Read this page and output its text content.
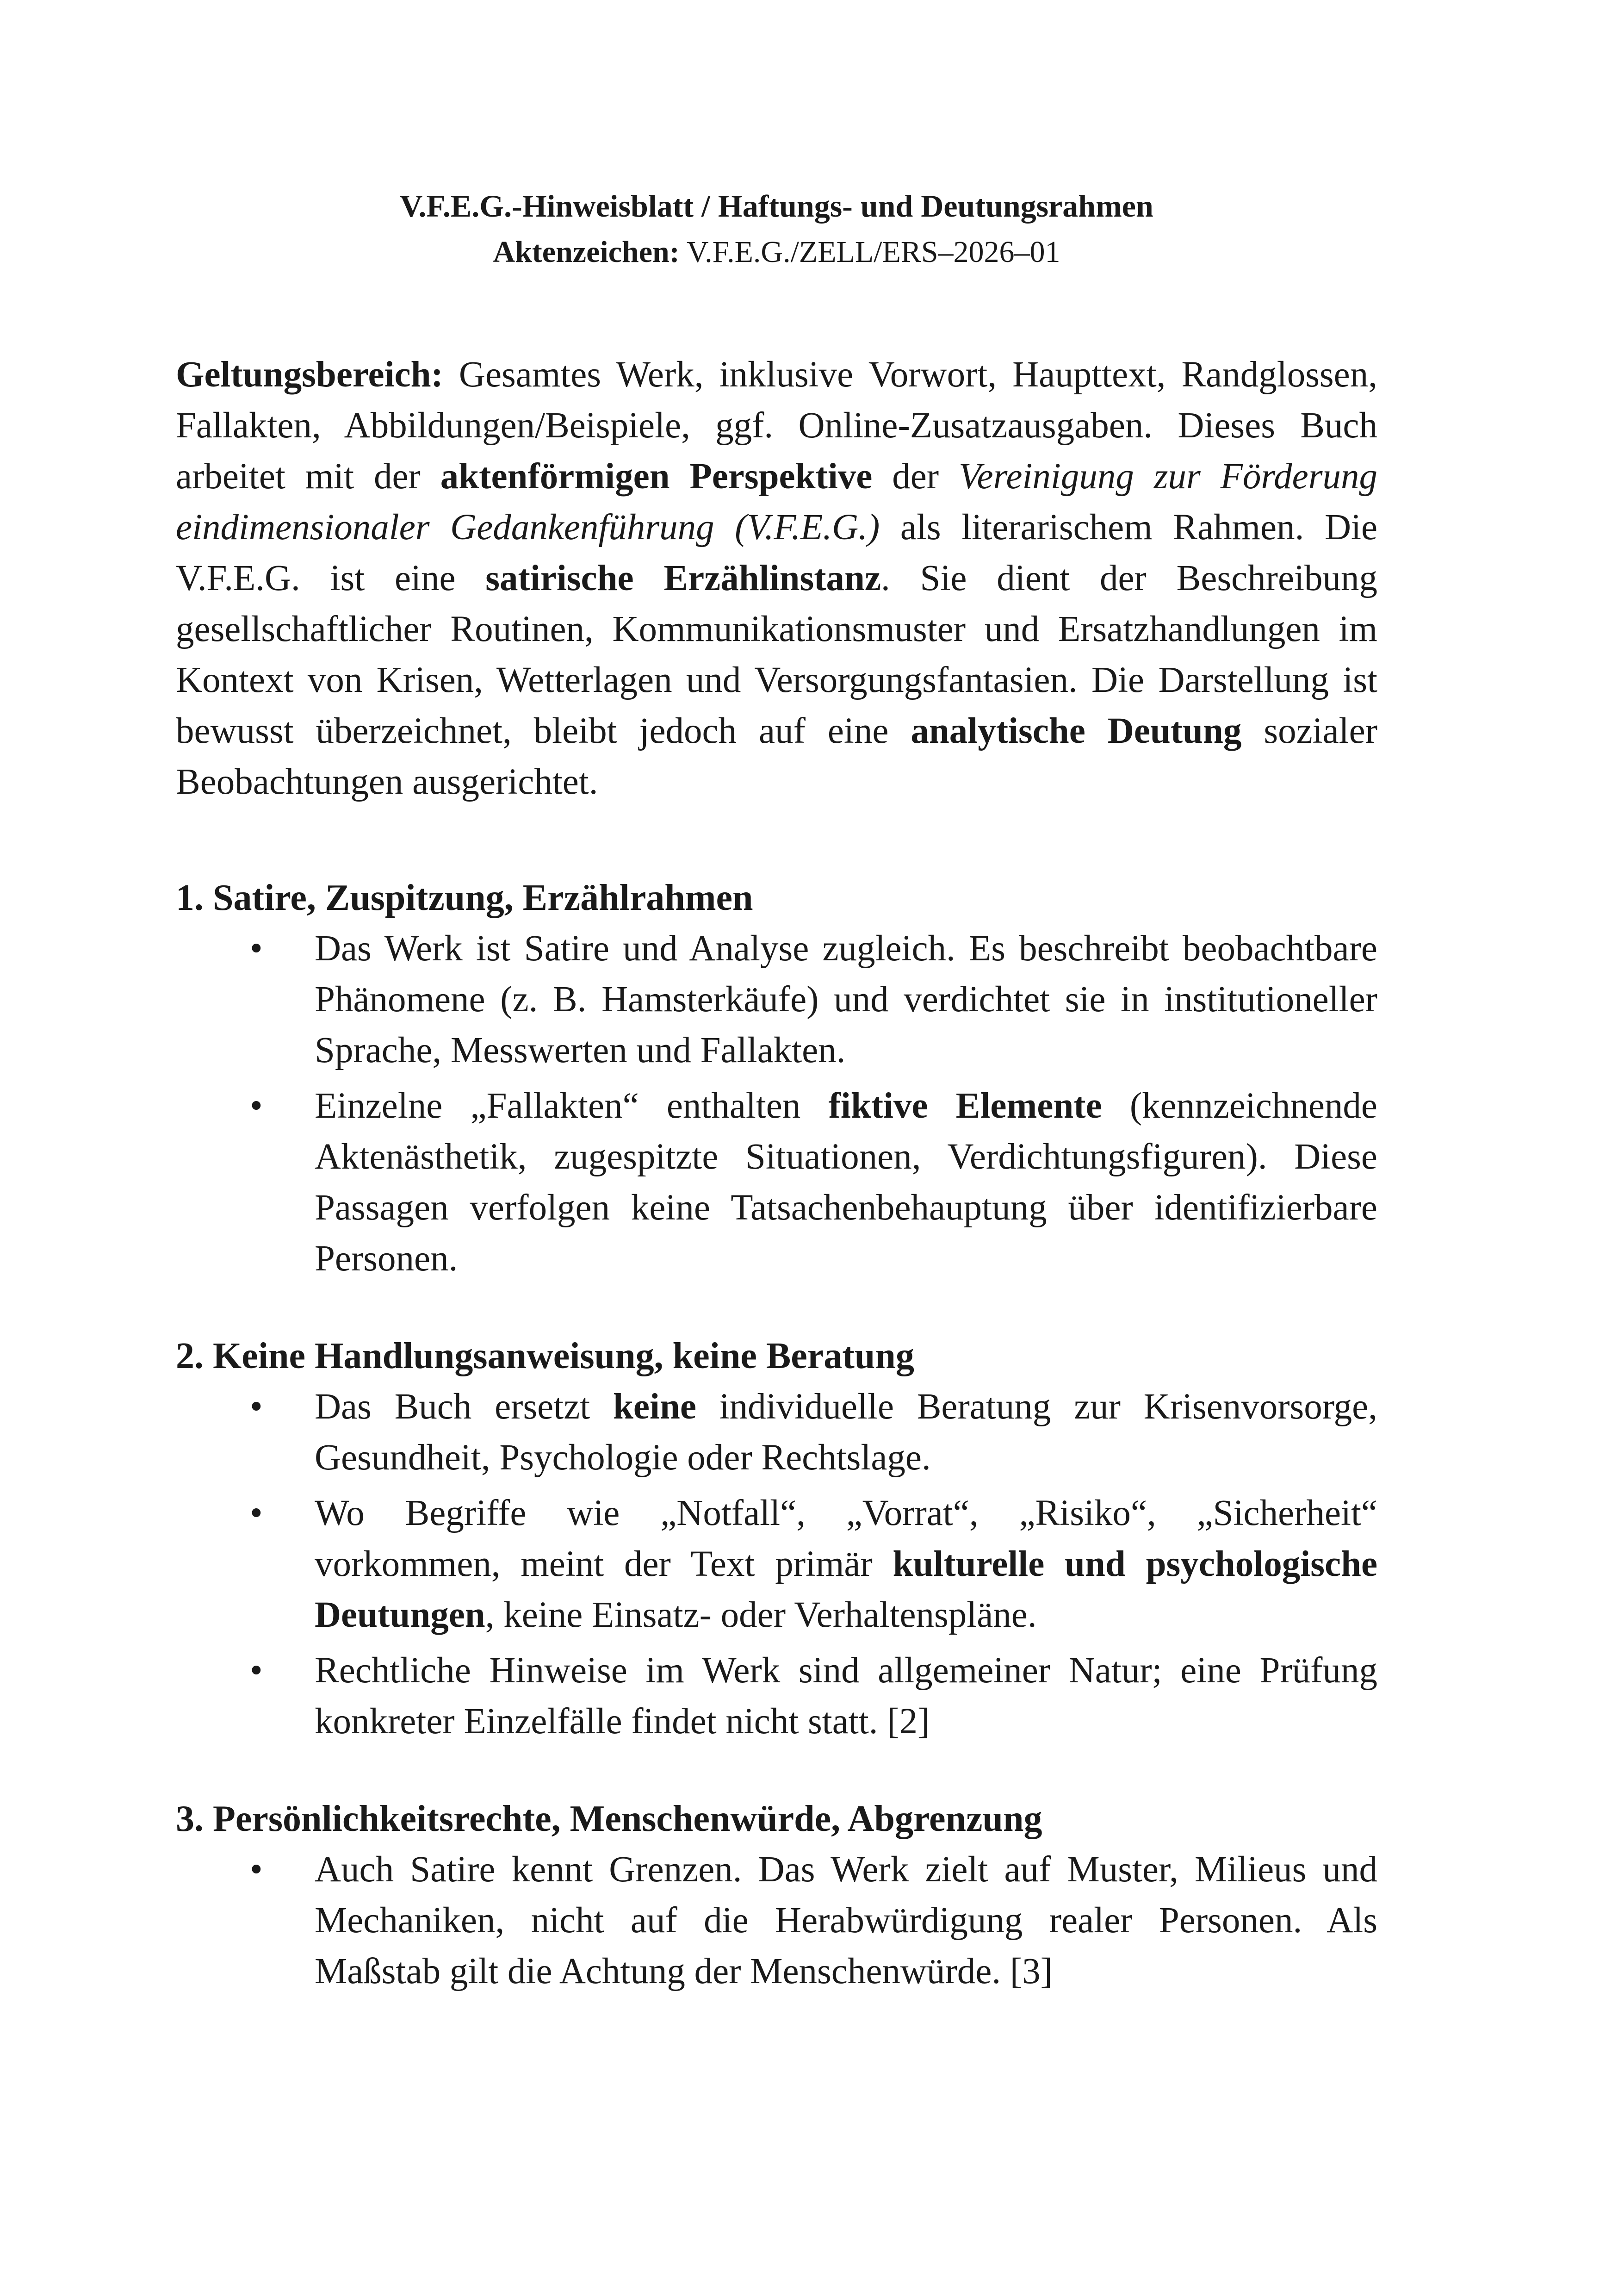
V.F.E.G.-Hinweisblatt / Haftungs- und Deutungsrahmen

Aktenzeichen: V.F.E.G./ZELL/ERS–2026–01

Geltungsbereich: Gesamtes Werk, inklusive Vorwort, Haupttext, Randglossen, Fallakten, Abbildungen/Beispiele, ggf. Online-Zusatzausgaben. Dieses Buch arbeitet mit der aktenförmigen Perspektive der Vereinigung zur Förderung eindimensionaler Gedankenführung (V.F.E.G.) als literarischem Rahmen. Die V.F.E.G. ist eine satirische Erzählinstanz. Sie dient der Beschreibung gesellschaftlicher Routinen, Kommunikationsmuster und Ersatzhandlungen im Kontext von Krisen, Wetterlagen und Versorgungsfantasien. Die Darstellung ist bewusst überzeichnet, bleibt jedoch auf eine analytische Deutung sozialer Beobachtungen ausgerichtet.

1. Satire, Zuspitzung, Erzählrahmen
• Das Werk ist Satire und Analyse zugleich. Es beschreibt beobachtbare Phänomene (z. B. Hamsterkäufe) und verdichtet sie in institutioneller Sprache, Messwerten und Fallakten.
• Einzelne „Fallakten“ enthalten fiktive Elemente (kennzeichnende Aktenästhetik, zugespitzte Situationen, Verdichtungsfiguren). Diese Passagen verfolgen keine Tatsachenbehauptung über identifizierbare Personen.
2. Keine Handlungsanweisung, keine Beratung
• Das Buch ersetzt keine individuelle Beratung zur Krisenvorsorge, Gesundheit, Psychologie oder Rechtslage.
• Wo Begriffe wie „Notfall“, „Vorrat“, „Risiko“, „Sicherheit“ vorkommen, meint der Text primär kulturelle und psychologische Deutungen, keine Einsatz- oder Verhaltenspläne.
• Rechtliche Hinweise im Werk sind allgemeiner Natur; eine Prüfung konkreter Einzelfälle findet nicht statt. [2]
3. Persönlichkeitsrechte, Menschenwürde, Abgrenzung
• Auch Satire kennt Grenzen. Das Werk zielt auf Muster, Milieus und Mechaniken, nicht auf die Herabwürdigung realer Personen. Als Maßstab gilt die Achtung der Menschenwürde. [3]
